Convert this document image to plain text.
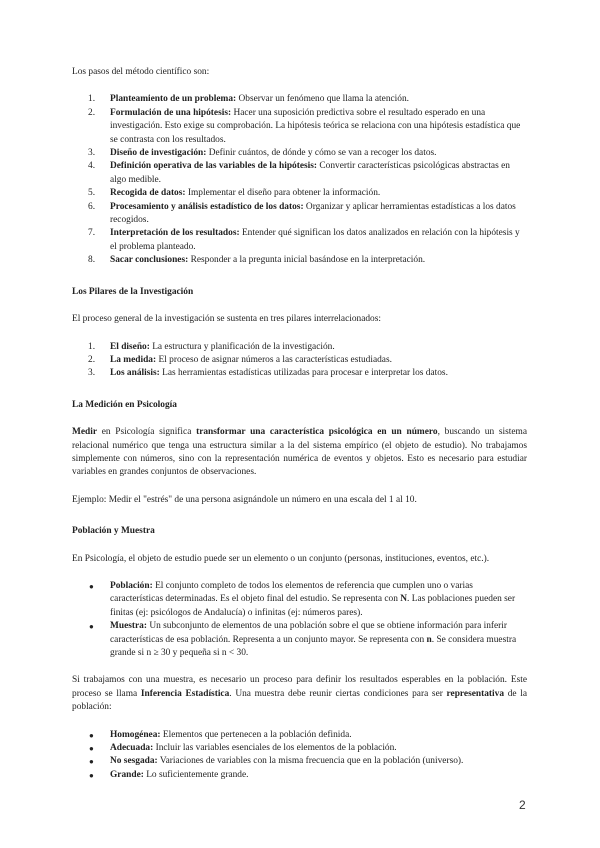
Los pasos del método científico son:

1. Planteamiento de un problema: Observar un fenómeno que llama la atención.
2. Formulación de una hipótesis: Hacer una suposición predictiva sobre el resultado esperado en una investigación. Esto exige su comprobación. La hipótesis teórica se relaciona con una hipótesis estadística que se contrasta con los resultados.
3. Diseño de investigación: Definir cuántos, de dónde y cómo se van a recoger los datos.
4. Definición operativa de las variables de la hipótesis: Convertir características psicológicas abstractas en algo medible.
5. Recogida de datos: Implementar el diseño para obtener la información.
6. Procesamiento y análisis estadístico de los datos: Organizar y aplicar herramientas estadísticas a los datos recogidos.
7. Interpretación de los resultados: Entender qué significan los datos analizados en relación con la hipótesis y el problema planteado.
8. Sacar conclusiones: Responder a la pregunta inicial basándose en la interpretación.
Los Pilares de la Investigación

El proceso general de la investigación se sustenta en tres pilares interrelacionados:

1. El diseño: La estructura y planificación de la investigación.
2. La medida: El proceso de asignar números a las características estudiadas.
3. Los análisis: Las herramientas estadísticas utilizadas para procesar e interpretar los datos.
La Medición en Psicología

Medir en Psicología significa transformar una característica psicológica en un número, buscando un sistema relacional numérico que tenga una estructura similar a la del sistema empírico (el objeto de estudio). No trabajamos simplemente con números, sino con la representación numérica de eventos y objetos. Esto es necesario para estudiar variables en grandes conjuntos de observaciones.

Ejemplo: Medir el "estrés" de una persona asignándole un número en una escala del 1 al 10.

Población y Muestra

En Psicología, el objeto de estudio puede ser un elemento o un conjunto (personas, instituciones, eventos, etc.).

● Población: El conjunto completo de todos los elementos de referencia que cumplen uno o varias características determinadas. Es el objeto final del estudio. Se representa con N. Las poblaciones pueden ser finitas (ej: psicólogos de Andalucía) o infinitas (ej: números pares).
● Muestra: Un subconjunto de elementos de una población sobre el que se obtiene información para inferir características de esa población. Representa a un conjunto mayor. Se representa con n. Se considera muestra grande si n ≥ 30 y pequeña si n < 30.

Si trabajamos con una muestra, es necesario un proceso para definir los resultados esperables en la población. Este proceso se llama Inferencia Estadística. Una muestra debe reunir ciertas condiciones para ser representativa de la población:

● Homogénea: Elementos que pertenecen a la población definida.
● Adecuada: Incluir las variables esenciales de los elementos de la población.
● No sesgada: Variaciones de variables con la misma frecuencia que en la población (universo).
● Grande: Lo suficientemente grande.
2
